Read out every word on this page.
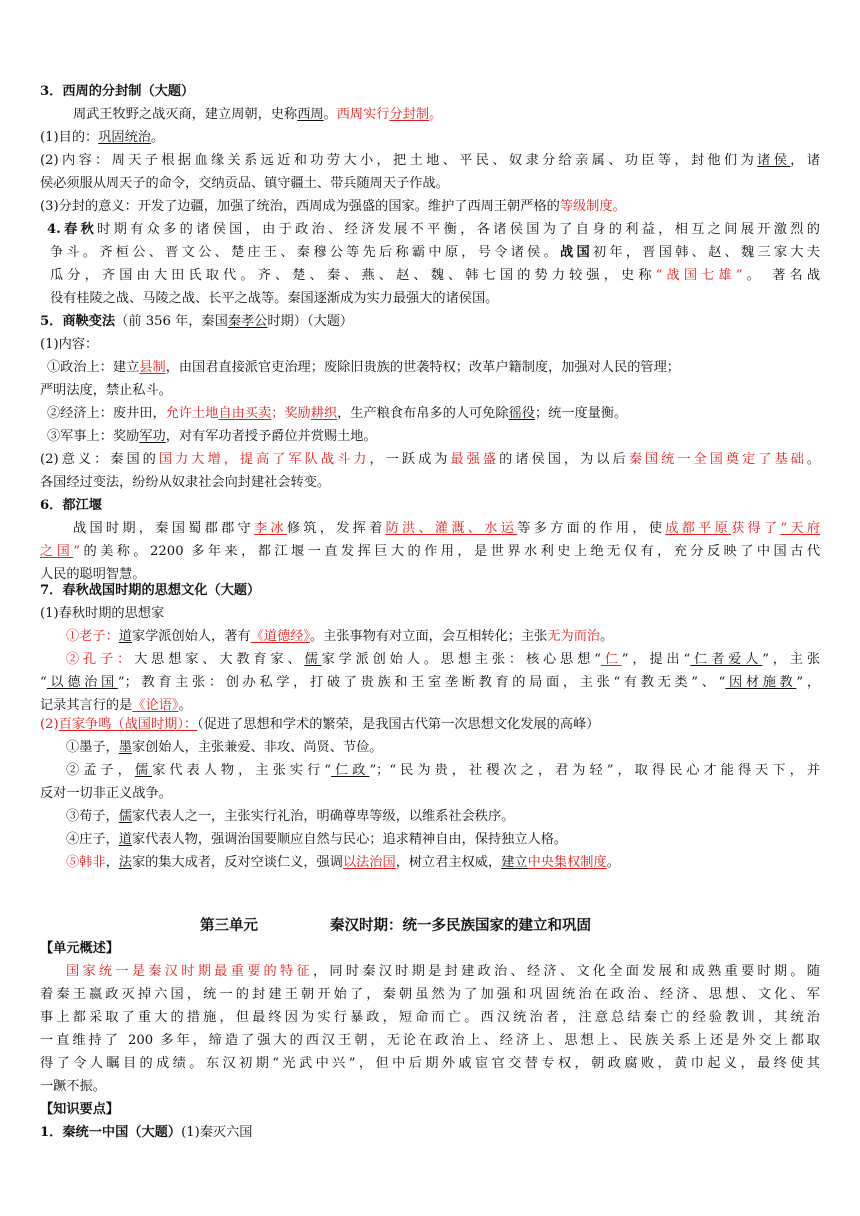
3．西周的分封制（大题）
周武王牧野之战灭商，建立周朝，史称西周。西周实行分封制。
(1)目的：巩固统治。
(2)内容：周天子根据血缘关系远近和功劳大小，把土地、平民、奴隶分给亲属、功臣等，封他们为诸侯，诸
侯必须服从周天子的命令，交纳贡品、镇守疆土、带兵随周天子作战。
(3)分封的意义：开发了边疆，加强了统治，西周成为强盛的国家。维护了西周王朝严格的等级制度。
4.春秋时期有众多的诸侯国，由于政治、经济发展不平衡，各诸侯国为了自身的利益，相互之间展开激烈的
争斗。齐桓公、晋文公、楚庄王、秦穆公等先后称霸中原，号令诸侯。战国初年，晋国韩、赵、魏三家大夫
瓜分，齐国由大田氏取代。齐、楚、秦、燕、赵、魏、韩七国的势力较强，史称“战国七雄”。 著名战
役有桂陵之战、马陵之战、长平之战等。秦国逐渐成为实力最强大的诸侯国。
5．商鞅变法（前 356 年，秦国秦孝公时期）（大题）
(1)内容：
①政治上：建立县制，由国君直接派官吏治理；废除旧贵族的世袭特权；改革户籍制度，加强对人民的管理；
严明法度，禁止私斗。
②经济上：废井田，允许土地自由买卖；奖励耕织，生产粮食布帛多的人可免除徭役；统一度量衡。
③军事上：奖励军功，对有军功者授予爵位并赏赐土地。
(2)意义：秦国的国力大增，提高了军队战斗力，一跃成为最强盛的诸侯国，为以后秦国统一全国奠定了基础。
各国经过变法，纷纷从奴隶社会向封建社会转变。
6．都江堰
战国时期，秦国蜀郡郡守李冰修筑，发挥着防洪、灌溉、水运等多方面的作用，使成都平原获得了“天府
之国”的美称。2200 多年来，都江堰一直发挥巨大的作用，是世界水利史上绝无仅有，充分反映了中国古代
人民的聪明智慧。
7．春秋战国时期的思想文化（大题）
(1)春秋时期的思想家
①老子：道家学派创始人，著有《道德经》。主张事物有对立面，会互相转化；主张无为而治。
②孔子：大思想家、大教育家、儒家学派创始人。思想主张：核心思想“仁”，提出“仁者爱人”，主张
“以德治国”；教育主张：创办私学，打破了贵族和王室垄断教育的局面，主张“有教无类”、“因材施教”，
记录其言行的是《论语》。
(2)百家争鸣（战国时期）：（促进了思想和学术的繁荣，是我国古代第一次思想文化发展的高峰）
①墨子，墨家创始人，主张兼爱、非攻、尚贤、节俭。
②孟子，儒家代表人物，主张实行“仁政”；“民为贵，社稷次之，君为轻”，取得民心才能得天下，并
反对一切非正义战争。
③荀子，儒家代表人之一，主张实行礼治，明确尊卑等级，以维系社会秩序。
④庄子，道家代表人物，强调治国要顺应自然与民心；追求精神自由，保持独立人格。
⑤韩非，法家的集大成者，反对空谈仁义，强调以法治国，树立君主权威，建立中央集权制度。
第三单元	秦汉时期：统一多民族国家的建立和巩固
【单元概述】
国家统一是秦汉时期最重要的特征，同时秦汉时期是封建政治、经济、文化全面发展和成熟重要时期。随
着秦王嬴政灭掉六国，统一的封建王朝开始了，秦朝虽然为了加强和巩固统治在政治、经济、思想、文化、军
事上都采取了重大的措施，但最终因为实行暴政，短命而亡。西汉统治者，注意总结秦亡的经验教训，其统治
一直维持了 200 多年，缔造了强大的西汉王朝，无论在政治上、经济上、思想上、民族关系上还是外交上都取
得了令人瞩目的成绩。东汉初期“光武中兴”，但中后期外戚宦官交替专权，朝政腐败，黄巾起义，最终使其
一蹶不振。
【知识要点】
1．秦统一中国（大题）(1)秦灭六国
